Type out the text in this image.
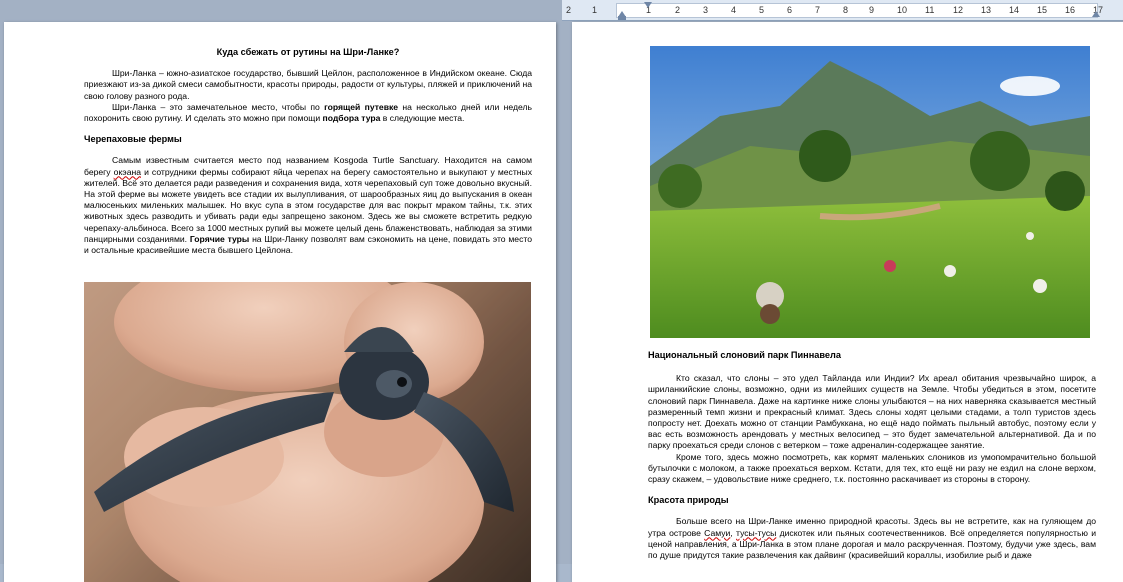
2 1	1	2	3	4	5	6	7	8 9	10 11 12 13 14 15 16 17
Куда сбежать от рутины на Шри-Ланке?

Шри-Ланка – южно-азиатское государство, бывший Цейлон, расположенное в Индийском океане. Сюда приезжают из-за дикой смеси самобытности, красоты природы, радости от культуры, пляжей и приключений на свою голову разного рода.

Шри-Ланка – это замечательное место, чтобы по горящей путевке на несколько дней или недель похоронить свою рутину. И сделать это можно при помощи подбора тура в следующие места.

Черепаховые фермы

Самым известным считается место под названием Kosgoda Turtle Sanctuary. Находится на самом берегу окэана и сотрудники фермы собирают яйца черепах на берегу самостоятельно и выкупают у местных жителей. Всё это делается ради разведения и сохранения вида, хотя черепаховый суп тоже довольно вкусный. На этой ферме вы можете увидеть все стадии их вылупливания, от шарообразных яиц до выпускания в океан малюсеньких миленьких малышек. Но вкус супа в этом государстве для вас покрыт мраком тайны, т.к. этих животных здесь разводить и убивать ради еды запрещено законом. Здесь же вы сможете встретить редкую черепаху-альбиноса. Всего за 1000 местных рупий вы можете целый день блаженствовать, наблюдая за этими панцирными созданиями. Горячие туры на Шри-Ланку позволят вам сэкономить на цене, повидать это место и остальные красивейшие места бывшего Цейлона.

Национальный слоновий парк Пиннавела

Кто сказал, что слоны – это удел Тайланда или Индии? Их ареал обитания чрезвычайно широк, а шриланкийские слоны, возможно, одни из милейших существ на Земле. Чтобы убедиться в этом, посетите слоновий парк Пиннавела. Даже на картинке ниже слоны улыбаются – на них наверняка сказывается местный размеренный темп жизни и прекрасный климат. Здесь слоны ходят целыми стадами, а толп туристов здесь попросту нет. Доехать можно от станции Рамбуккана, но ещё надо поймать пыльный автобус, поэтому если у вас есть возможность арендовать у местных велосипед – это будет замечательной альтернативой. Да и по парку проехаться среди слонов с ветерком – тоже адреналин-содержащее занятие.

Кроме того, здесь можно посмотреть, как кормят маленьких слоников из умопомрачительно большой бутылочки с молоком, а также проехаться верхом. Кстати, для тех, кто ещё ни разу не ездил на слоне верхом, сразу скажем, – удовольствие ниже среднего, т.к. постоянно раскачивает из стороны в сторону.

Красота природы

Больше всего на Шри-Ланке именно природной красоты. Здесь вы не встретите, как на гуляющем до утра острове Самуи, тусы-тусы дискотек или пьяных соотечественников. Всё определяется популярностью и ценой направления, а Шри-Ланка в этом плане дорогая и мало раскрученная. Поэтому, будучи уже здесь, вам по душе придутся такие развлечения как дайвинг (красивейший кораллы, изобилие рыб и даже
